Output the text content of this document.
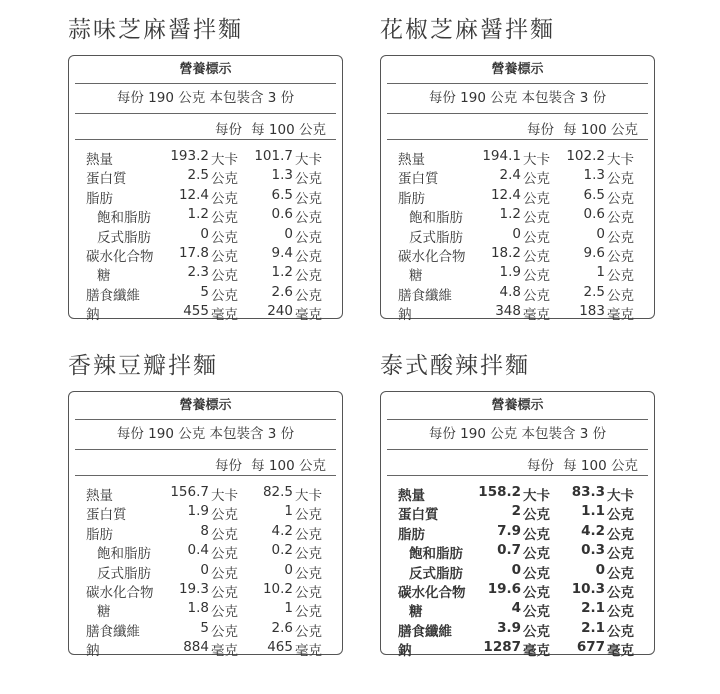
蒜味芝麻醤拌麵
營養標示
每份 190 公克 本包裝含 3 份
每份 每 100 公克
熱量	193.2 大卡 101.7 大卡
蛋白質	2.5 公克 1.3 公克
脂肪	12.4 公克 6.5 公克
飽和脂肪	1.2 公克 0.6 公克
反式脂肪	0 公克	0 公克
碳水化合物 17.8 公克 9.4 公克
糖	2.3 公克 1.2 公克
膳食纖維	5 公克 2.6 公克
鈉	455 毫克 240 毫克
花椒芝麻醤拌麵
營養標示
每份 190 公克 本包裝含 3 份
每份 每 100 公克
熱量	194.1 大卡 102.2 大卡
蛋白質	2.4 公克 1.3 公克
脂肪	12.4 公克 6.5 公克
飽和脂肪	1.2 公克 0.6 公克
反式脂肪	0 公克	0 公克
碳水化合物 18.2 公克 9.6 公克
糖	1.9 公克	1 公克
膳食纖維	4.8 公克 2.5 公克
鈉	348 毫克 183 毫克
香辣豆瓣拌麵
營養標示
每份 190 公克 本包裝含 3 份
每份 每 100 公克
熱量	156.7 大卡 82.5 大卡
蛋白質	1.9 公克	1 公克
脂肪	8 公克 4.2 公克
飽和脂肪	0.4 公克 0.2 公克
反式脂肪	0 公克	0 公克
碳水化合物 19.3 公克 10.2 公克
糖	1.8 公克	1 公克
膳食纖維	5 公克 2.6 公克
鈉	884 毫克 465 毫克
泰式酸辣拌麵
營養標示
每份 190 公克 本包裝含 3 份
每份 每 100 公克
熱量	158.2 大卡 83.3 大卡
蛋白質	2 公克 1.1 公克
脂肪	7.9 公克 4.2 公克
飽和脂肪	0.7 公克 0.3 公克
反式脂肪	0 公克	0 公克
碳水化合物 19.6 公克 10.3 公克
糖	4 公克 2.1 公克
膳食纖維	3.9 公克 2.1 公克
鈉	1287 毫克 677 毫克
